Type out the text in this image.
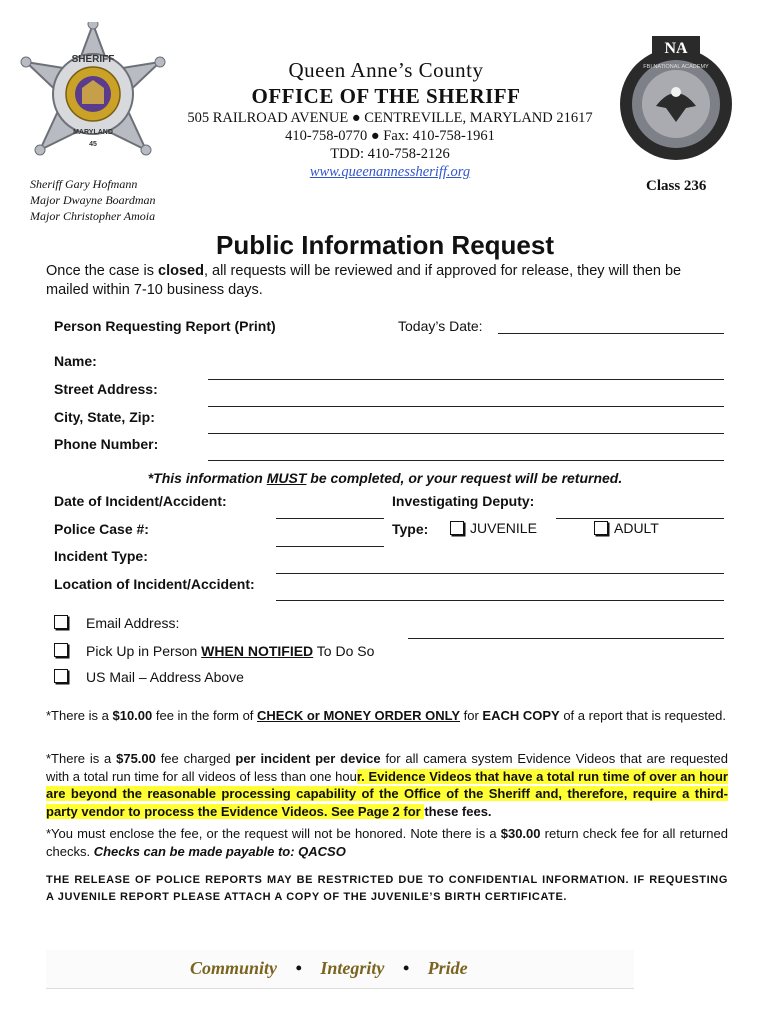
SHERIFF
MARYLAND
45
Queen Anne’s County
OFFICE OF THE SHERIFF
505 RAILROAD AVENUE ● CENTREVILLE, MARYLAND 21617
410-758-0770 ● Fax: 410-758-1961
TDD: 410-758-2126
www.queenannessheriff.org
NA
FBI NATIONAL ACADEMY
Class 236
Sheriff Gary Hofmann
Major Dwayne Boardman
Major Christopher Amoia
Public Information Request
Once the case is closed, all requests will be reviewed and if approved for release, they will then be mailed within 7-10 business days.
Person Requesting Report (Print)	Today’s Date:
Name:
Street Address:
City, State, Zip:
Phone Number:
*This information MUST be completed, or your request will be returned.
Date of Incident/Accident:	Investigating Deputy:
Police Case #:	Type:	JUVENILE	ADULT
Incident Type:
Location of Incident/Accident:
Email Address:
Pick Up in Person WHEN NOTIFIED To Do So
US Mail – Address Above
*There is a $10.00 fee in the form of CHECK or MONEY ORDER ONLY for EACH COPY of a report that is requested.
*There is a $75.00 fee charged per incident per device for all camera system Evidence Videos that are requested with a total run time for all videos of less than one hour. Evidence Videos that have a total run time of over an hour are beyond the reasonable processing capability of the Office of the Sheriff and, therefore, require a third-party vendor to process the Evidence Videos. See Page 2 for these fees.
*You must enclose the fee, or the request will not be honored. Note there is a $30.00 return check fee for all returned checks. Checks can be made payable to: QACSO
THE RELEASE OF POLICE REPORTS MAY BE RESTRICTED DUE TO CONFIDENTIAL INFORMATION. IF REQUESTING A JUVENILE REPORT PLEASE ATTACH A COPY OF THE JUVENILE’S BIRTH CERTIFICATE.
Community • Integrity • Pride
